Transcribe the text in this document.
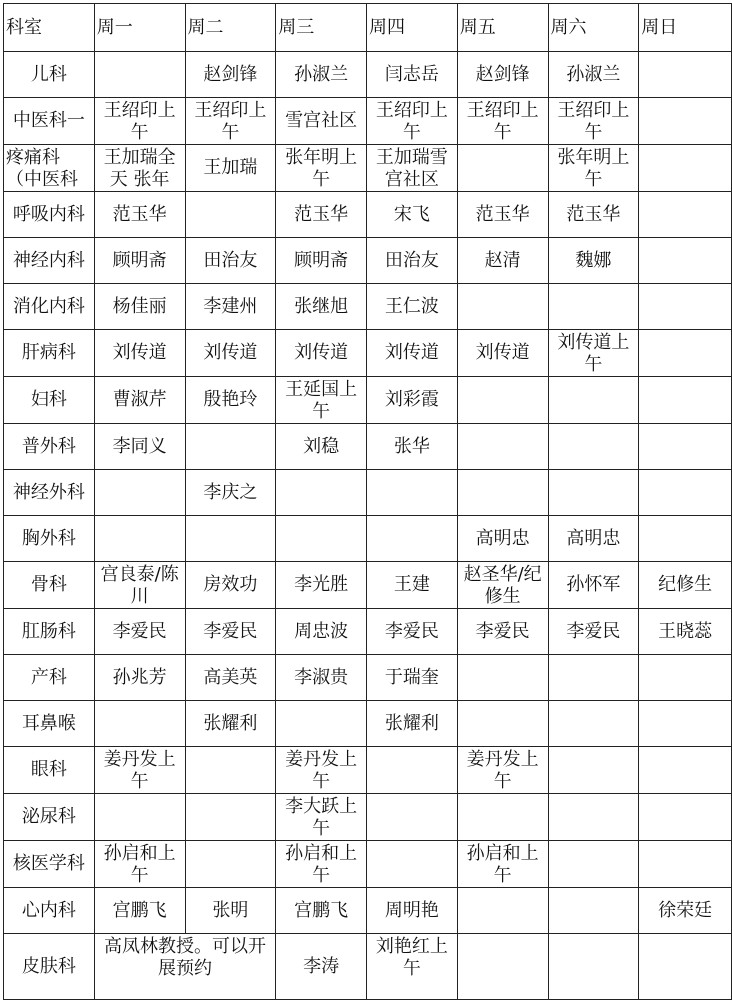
科室	周一	周二	周三	周四	周五	周六	周日

儿科		赵剑锋	孙淑兰	闫志岳	赵剑锋	孙淑兰	

中医科一	王绍印上午	王绍印上午	雪宫社区	王绍印上午	王绍印上午	王绍印上午	

疼痛科（中医科	王加瑞全天 张年	王加瑞	张年明上午	王加瑞雪宫社区		张年明上午	

呼吸内科	范玉华		范玉华	宋飞	范玉华	范玉华	

神经内科	顾明斋	田治友	顾明斋	田治友	赵清	魏娜	

消化内科	杨佳丽	李建州	张继旭	王仁波			

肝病科	刘传道	刘传道	刘传道	刘传道	刘传道	刘传道上午	

妇科	曹淑芹	殷艳玲	王延国上午	刘彩霞			

普外科	李同义		刘稳	张华			

神经外科		李庆之					

胸外科					高明忠	高明忠	

骨科	宫良泰/陈川	房效功	李光胜	王建	赵圣华/纪修生	孙怀军	纪修生

肛肠科	李爱民	李爱民	周忠波	李爱民	李爱民	李爱民	王晓蕊

产科	孙兆芳	高美英	李淑贵	于瑞奎			

耳鼻喉		张耀利		张耀利			

眼科	姜丹发上午		姜丹发上午		姜丹发上午		

泌尿科			李大跃上午				

核医学科	孙启和上午		孙启和上午		孙启和上午		

心内科	宫鹏飞	张明	宫鹏飞	周明艳			徐荣廷

皮肤科	高凤林教授。可以开展预约		李涛	刘艳红上午			
